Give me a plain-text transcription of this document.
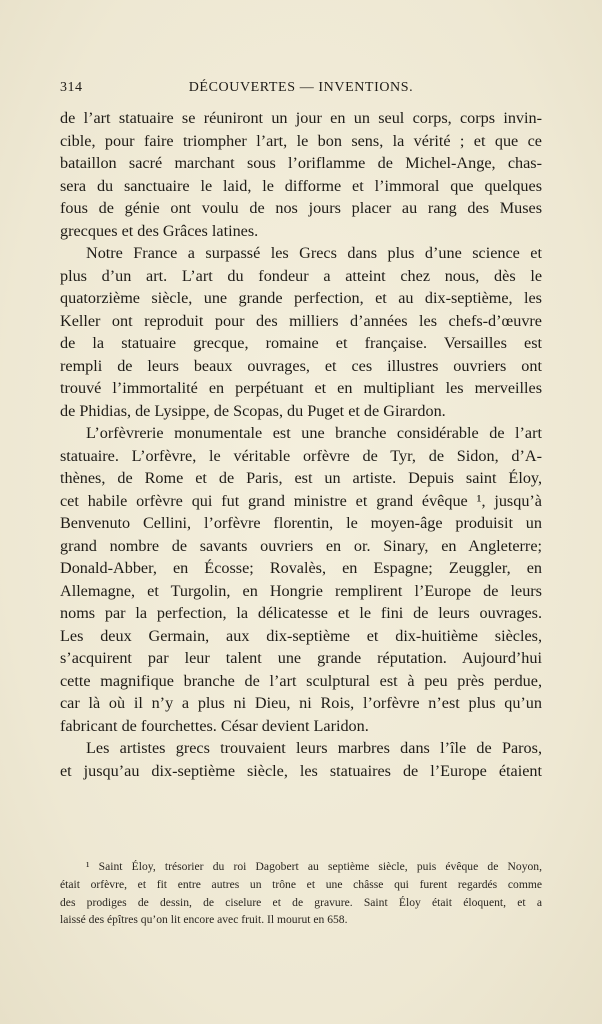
314	DÉCOUVERTES — INVENTIONS.
de l’art statuaire se réuniront un jour en un seul corps, corps invin-
cible, pour faire triompher l’art, le bon sens, la vérité ; et que ce
bataillon sacré marchant sous l’oriflamme de Michel-Ange, chas-
sera du sanctuaire le laid, le difforme et l’immoral que quelques
fous de génie ont voulu de nos jours placer au rang des Muses
grecques et des Grâces latines.
Notre France a surpassé les Grecs dans plus d’une science et
plus d’un art. L’art du fondeur a atteint chez nous, dès le
quatorzième siècle, une grande perfection, et au dix-septième, les
Keller ont reproduit pour des milliers d’années les chefs-d’œuvre
de la statuaire grecque, romaine et française. Versailles est
rempli de leurs beaux ouvrages, et ces illustres ouvriers ont
trouvé l’immortalité en perpétuant et en multipliant les merveilles
de Phidias, de Lysippe, de Scopas, du Puget et de Girardon.
L’orfèvrerie monumentale est une branche considérable de l’art
statuaire. L’orfèvre, le véritable orfèvre de Tyr, de Sidon, d’A-
thènes, de Rome et de Paris, est un artiste. Depuis saint Éloy,
cet habile orfèvre qui fut grand ministre et grand évêque ¹, jusqu’à
Benvenuto Cellini, l’orfèvre florentin, le moyen-âge produisit un
grand nombre de savants ouvriers en or. Sinary, en Angleterre;
Donald-Abber, en Écosse; Rovalès, en Espagne; Zeuggler, en
Allemagne, et Turgolin, en Hongrie remplirent l’Europe de leurs
noms par la perfection, la délicatesse et le fini de leurs ouvrages.
Les deux Germain, aux dix-septième et dix-huitième siècles,
s’acquirent par leur talent une grande réputation. Aujourd’hui
cette magnifique branche de l’art sculptural est à peu près perdue,
car là où il n’y a plus ni Dieu, ni Rois, l’orfèvre n’est plus qu’un
fabricant de fourchettes. César devient Laridon.
Les artistes grecs trouvaient leurs marbres dans l’île de Paros,
et jusqu’au dix-septième siècle, les statuaires de l’Europe étaient
¹ Saint Éloy, trésorier du roi Dagobert au septième siècle, puis évêque de Noyon,
était orfèvre, et fit entre autres un trône et une châsse qui furent regardés comme
des prodiges de dessin, de ciselure et de gravure. Saint Éloy était éloquent, et a
laissé des épîtres qu’on lit encore avec fruit. Il mourut en 658.
